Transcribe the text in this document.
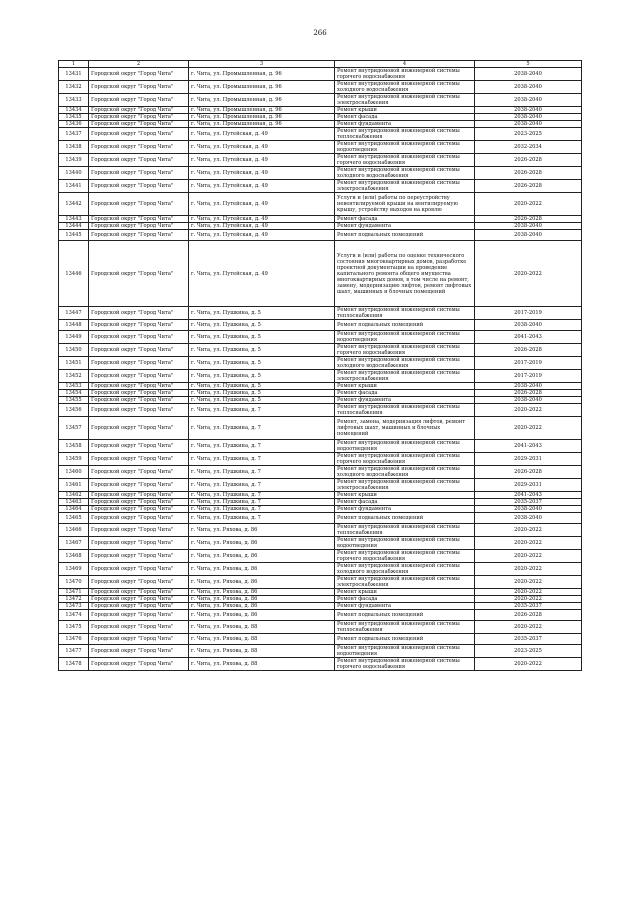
266
1	2	3	4	5
13431	Городской округ "Город Чита"	г. Чита, ул. Промышленная, д. 96	Ремонт внутридомовой инженерной системы горячего водоснабжения	2038-2040
13432	Городской округ "Город Чита"	г. Чита, ул. Промышленная, д. 96	Ремонт внутридомовой инженерной системы холодного водоснабжения	2038-2040
13433	Городской округ "Город Чита"	г. Чита, ул. Промышленная, д. 96	Ремонт внутридомовой инженерной системы электроснабжения	2038-2040
13434	Городской округ "Город Чита"	г. Чита, ул. Промышленная, д. 96	Ремонт крыши	2038-2040
13435	Городской округ "Город Чита"	г. Чита, ул. Промышленная, д. 96	Ремонт фасада	2038-2040
13436	Городской округ "Город Чита"	г. Чита, ул. Промышленная, д. 96	Ремонт фундамента	2038-2040
13437	Городской округ "Город Чита"	г. Чита, ул. Путейская, д. 49	Ремонт внутридомовой инженерной системы теплоснабжения	2023-2025
13438	Городской округ "Город Чита"	г. Чита, ул. Путейская, д. 49	Ремонт внутридомовой инженерной системы водоотведения	2032-2034
13439	Городской округ "Город Чита"	г. Чита, ул. Путейская, д. 49	Ремонт внутридомовой инженерной системы горячего водоснабжения	2026-2028
13440	Городской округ "Город Чита"	г. Чита, ул. Путейская, д. 49	Ремонт внутридомовой инженерной системы холодного водоснабжения	2026-2028
13441	Городской округ "Город Чита"	г. Чита, ул. Путейская, д. 49	Ремонт внутридомовой инженерной системы электроснабжения	2026-2028
13442	Городской округ "Город Чита"	г. Чита, ул. Путейская, д. 49	Услуги и (или) работы по переустройству невентилируемой крыши на вентилируемую крышу, устройству выходов на кровлю	2020-2022
13443	Городской округ "Город Чита"	г. Чита, ул. Путейская, д. 49	Ремонт фасада	2026-2028
13444	Городской округ "Город Чита"	г. Чита, ул. Путейская, д. 49	Ремонт фундамента	2038-2040
13445	Городской округ "Город Чита"	г. Чита, ул. Путейская, д. 49	Ремонт подвальных помещений	2038-2040
13446	Городской округ "Город Чита"	г. Чита, ул. Путейская, д. 49	Услуги и (или) работы по оценке технического состояния многоквартирных домов, разработке проектной документации на проведение капитального ремонта общего имущества многоквартирных домов, в том числе на ремонт, замену, модернизацию лифтов, ремонт лифтовых шахт, машинных и блочных помещений	2020-2022
13447	Городской округ "Город Чита"	г. Чита, ул. Пушкина, д. 5	Ремонт внутридомовой инженерной системы теплоснабжения	2017-2019
13448	Городской округ "Город Чита"	г. Чита, ул. Пушкина, д. 5	Ремонт подвальных помещений	2038-2040
13449	Городской округ "Город Чита"	г. Чита, ул. Пушкина, д. 5	Ремонт внутридомовой инженерной системы водоотведения	2041-2043
13450	Городской округ "Город Чита"	г. Чита, ул. Пушкина, д. 5	Ремонт внутридомовой инженерной системы горячего водоснабжения	2026-2028
13451	Городской округ "Город Чита"	г. Чита, ул. Пушкина, д. 5	Ремонт внутридомовой инженерной системы холодного водоснабжения	2017-2019
13452	Городской округ "Город Чита"	г. Чита, ул. Пушкина, д. 5	Ремонт внутридомовой инженерной системы электроснабжения	2017-2019
13453	Городской округ "Город Чита"	г. Чита, ул. Пушкина, д. 5	Ремонт крыши	2038-2040
13454	Городской округ "Город Чита"	г. Чита, ул. Пушкина, д. 5	Ремонт фасада	2026-2028
13455	Городской округ "Город Чита"	г. Чита, ул. Пушкина, д. 5	Ремонт фундамента	2038-2040
13456	Городской округ "Город Чита"	г. Чита, ул. Пушкина, д. 7	Ремонт внутридомовой инженерной системы теплоснабжения	2020-2022
13457	Городской округ "Город Чита"	г. Чита, ул. Пушкина, д. 7	Ремонт, замена, модернизация лифтов, ремонт лифтовых шахт, машинных и блочных помещений	2020-2022
13458	Городской округ "Город Чита"	г. Чита, ул. Пушкина, д. 7	Ремонт внутридомовой инженерной системы водоотведения	2041-2043
13459	Городской округ "Город Чита"	г. Чита, ул. Пушкина, д. 7	Ремонт внутридомовой инженерной системы горячего водоснабжения	2029-2031
13460	Городской округ "Город Чита"	г. Чита, ул. Пушкина, д. 7	Ремонт внутридомовой инженерной системы холодного водоснабжения	2026-2028
13461	Городской округ "Город Чита"	г. Чита, ул. Пушкина, д. 7	Ремонт внутридомовой инженерной системы электроснабжения	2029-2031
13462	Городской округ "Город Чита"	г. Чита, ул. Пушкина, д. 7	Ремонт крыши	2041-2043
13463	Городской округ "Город Чита"	г. Чита, ул. Пушкина, д. 7	Ремонт фасада	2035-2037
13464	Городской округ "Город Чита"	г. Чита, ул. Пушкина, д. 7	Ремонт фундамента	2038-2040
13465	Городской округ "Город Чита"	г. Чита, ул. Пушкина, д. 7	Ремонт подвальных помещений	2038-2040
13466	Городской округ "Город Чита"	г. Чита, ул. Ряхова, д. 86	Ремонт внутридомовой инженерной системы теплоснабжения	2020-2022
13467	Городской округ "Город Чита"	г. Чита, ул. Ряхова, д. 86	Ремонт внутридомовой инженерной системы водоотведения	2020-2022
13468	Городской округ "Город Чита"	г. Чита, ул. Ряхова, д. 86	Ремонт внутридомовой инженерной системы горячего водоснабжения	2020-2022
13469	Городской округ "Город Чита"	г. Чита, ул. Ряхова, д. 86	Ремонт внутридомовой инженерной системы холодного водоснабжения	2020-2022
13470	Городской округ "Город Чита"	г. Чита, ул. Ряхова, д. 86	Ремонт внутридомовой инженерной системы электроснабжения	2020-2022
13471	Городской округ "Город Чита"	г. Чита, ул. Ряхова, д. 86	Ремонт крыши	2020-2022
13472	Городской округ "Город Чита"	г. Чита, ул. Ряхова, д. 86	Ремонт фасада	2020-2022
13473	Городской округ "Город Чита"	г. Чита, ул. Ряхова, д. 86	Ремонт фундамента	2035-2037
13474	Городской округ "Город Чита"	г. Чита, ул. Ряхова, д. 86	Ремонт подвальных помещений	2026-2028
13475	Городской округ "Город Чита"	г. Чита, ул. Ряхова, д. 88	Ремонт внутридомовой инженерной системы теплоснабжения	2020-2022
13476	Городской округ "Город Чита"	г. Чита, ул. Ряхова, д. 88	Ремонт подвальных помещений	2035-2037
13477	Городской округ "Город Чита"	г. Чита, ул. Ряхова, д. 88	Ремонт внутридомовой инженерной системы водоотведения	2023-2025
13478	Городской округ "Город Чита"	г. Чита, ул. Ряхова, д. 88	Ремонт внутридомовой инженерной системы горячего водоснабжения	2020-2022
